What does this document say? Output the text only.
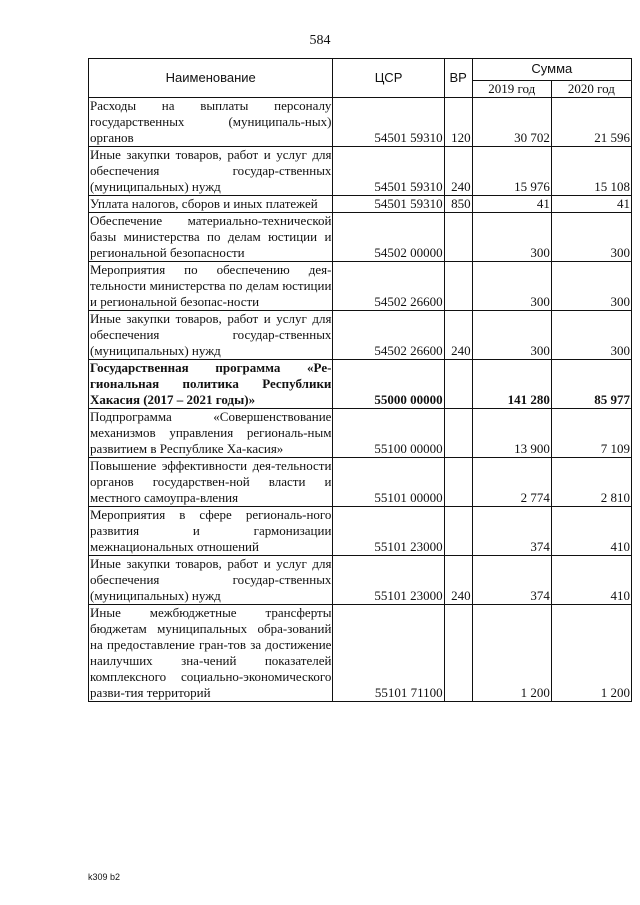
584
Наименование	ЦСР	ВР	Сумма	
			2019 год	2020 год
Расходы на выплаты персоналу государственных (муниципаль-ных) органов	54501 59310	120	30 702	21 596
Иные закупки товаров, работ и услуг для обеспечения государ-ственных (муниципальных) нужд	54501 59310	240	15 976	15 108
Уплата налогов, сборов и иных платежей	54501 59310	850	41	41
Обеспечение материально-технической базы министерства по делам юстиции и региональной безопасности	54502 00000		300	300
Мероприятия по обеспечению дея-тельности министерства по делам юстиции и региональной безопас-ности	54502 26600		300	300
Иные закупки товаров, работ и услуг для обеспечения государ-ственных (муниципальных) нужд	54502 26600	240	300	300
Государственная программа «Ре-гиональная политика Республики Хакасия (2017 – 2021 годы)»	55000 00000		141 280	85 977
Подпрограмма «Совершенствование механизмов управления региональ-ным развитием в Республике Ха-касия»	55100 00000		13 900	7 109
Повышение эффективности дея-тельности органов государствен-ной власти и местного самоупра-вления	55101 00000		2 774	2 810
Мероприятия в сфере региональ-ного развития и гармонизации межнациональных отношений	55101 23000		374	410
Иные закупки товаров, работ и услуг для обеспечения государ-ственных (муниципальных) нужд	55101 23000	240	374	410
Иные межбюджетные трансферты бюджетам муниципальных обра-зований на предоставление гран-тов за достижение наилучших зна-чений показателей комплексного социально-экономического разви-тия территорий	55101 71100		1 200	1 200
k309 b2
